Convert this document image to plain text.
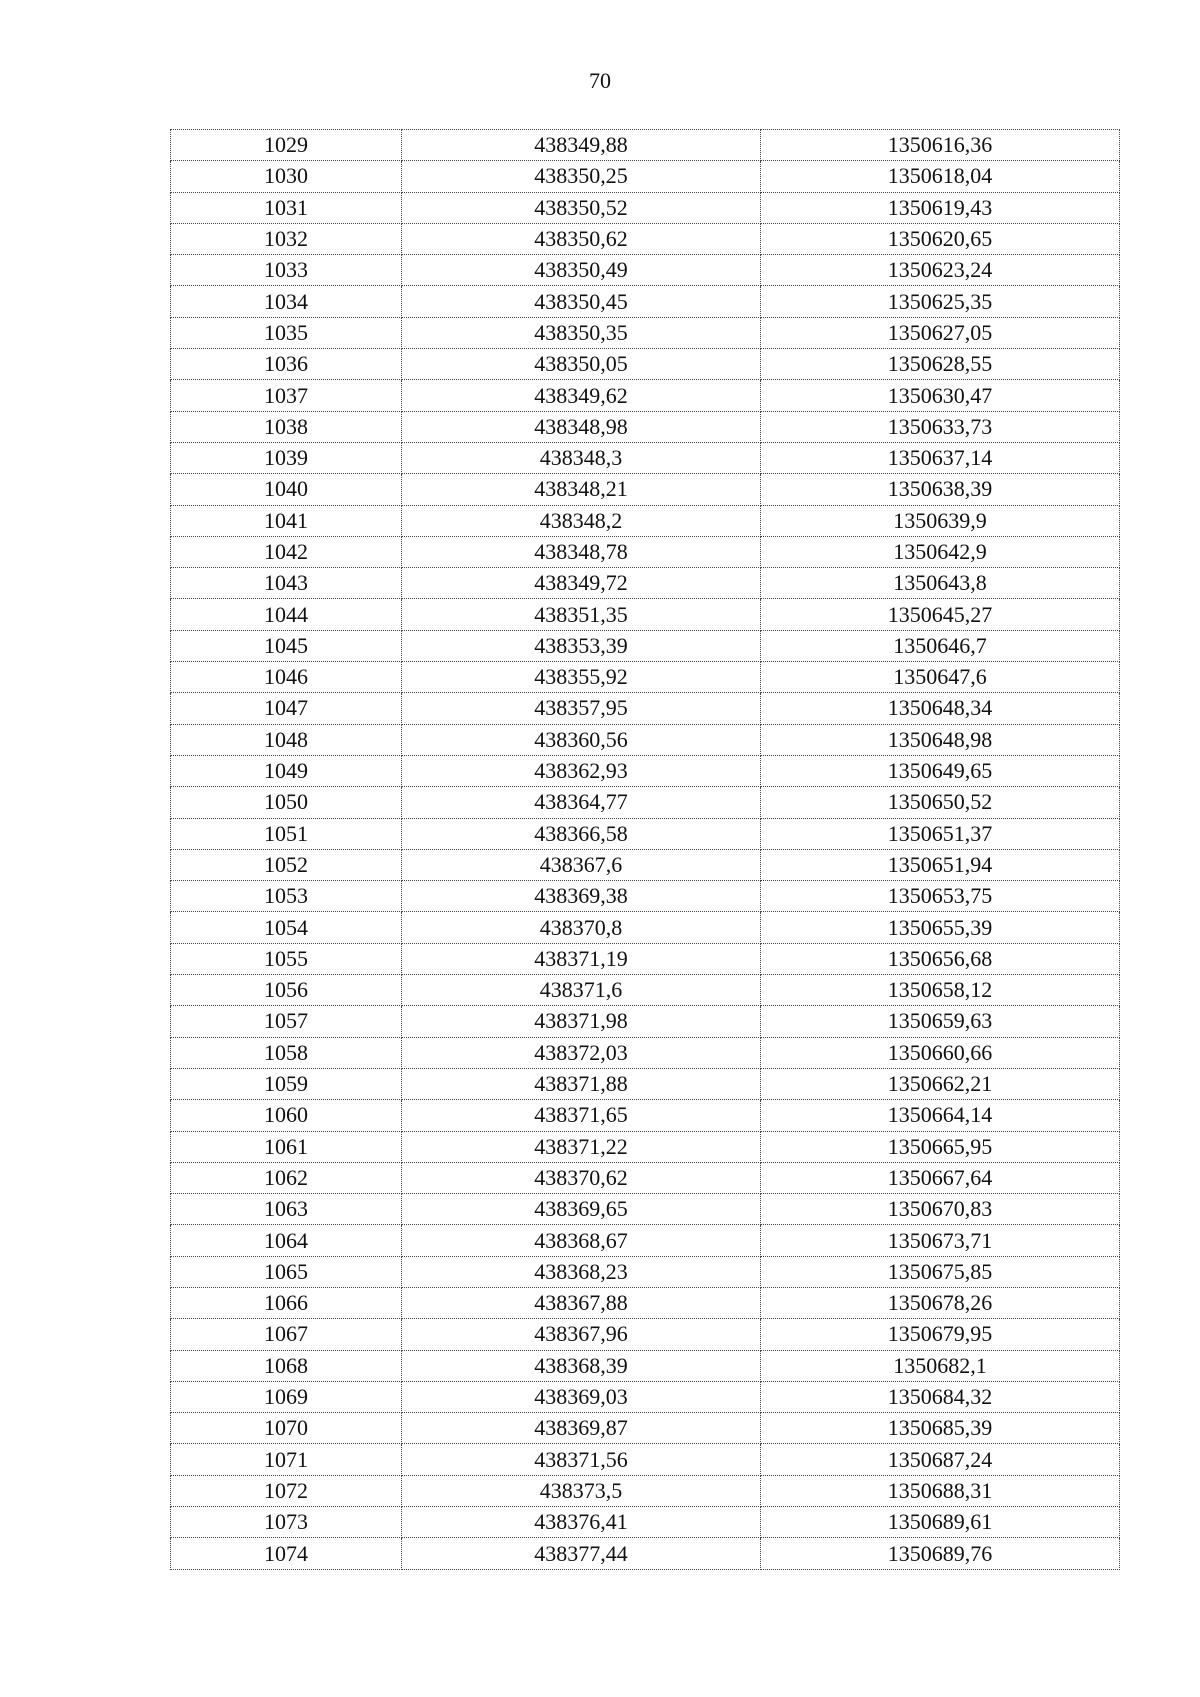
70
1029	438349,88	1350616,36
1030	438350,25	1350618,04
1031	438350,52	1350619,43
1032	438350,62	1350620,65
1033	438350,49	1350623,24
1034	438350,45	1350625,35
1035	438350,35	1350627,05
1036	438350,05	1350628,55
1037	438349,62	1350630,47
1038	438348,98	1350633,73
1039	438348,3	1350637,14
1040	438348,21	1350638,39
1041	438348,2	1350639,9
1042	438348,78	1350642,9
1043	438349,72	1350643,8
1044	438351,35	1350645,27
1045	438353,39	1350646,7
1046	438355,92	1350647,6
1047	438357,95	1350648,34
1048	438360,56	1350648,98
1049	438362,93	1350649,65
1050	438364,77	1350650,52
1051	438366,58	1350651,37
1052	438367,6	1350651,94
1053	438369,38	1350653,75
1054	438370,8	1350655,39
1055	438371,19	1350656,68
1056	438371,6	1350658,12
1057	438371,98	1350659,63
1058	438372,03	1350660,66
1059	438371,88	1350662,21
1060	438371,65	1350664,14
1061	438371,22	1350665,95
1062	438370,62	1350667,64
1063	438369,65	1350670,83
1064	438368,67	1350673,71
1065	438368,23	1350675,85
1066	438367,88	1350678,26
1067	438367,96	1350679,95
1068	438368,39	1350682,1
1069	438369,03	1350684,32
1070	438369,87	1350685,39
1071	438371,56	1350687,24
1072	438373,5	1350688,31
1073	438376,41	1350689,61
1074	438377,44	1350689,76
